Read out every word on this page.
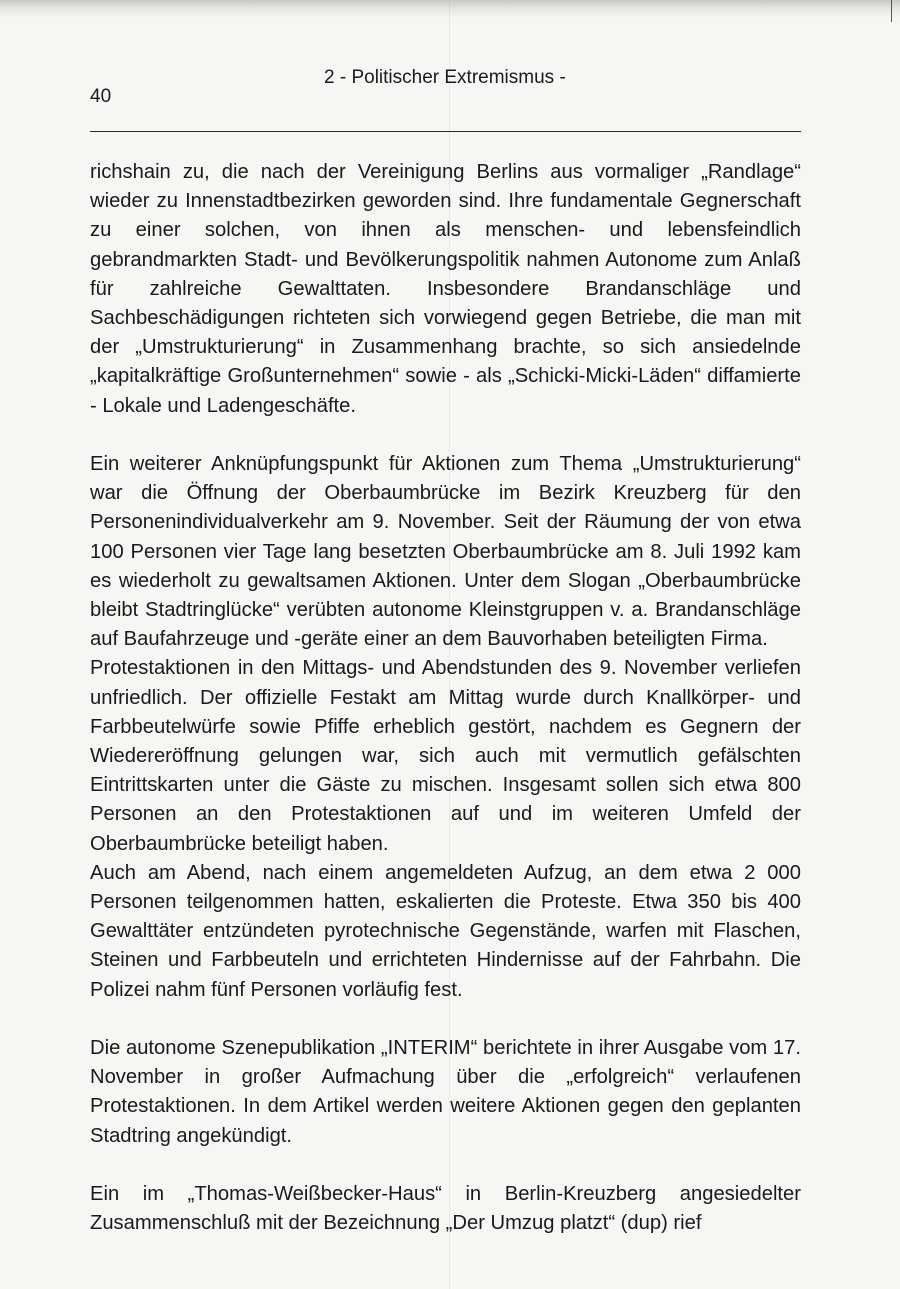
40
2 - Politischer Extremismus -

richshain zu, die nach der Vereinigung Berlins aus vormaliger „Randlage“ wieder zu Innenstadtbezirken geworden sind. Ihre fundamentale Gegnerschaft zu einer solchen, von ihnen als menschen- und lebensfeindlich gebrandmarkten Stadt- und Bevölkerungspolitik nahmen Autonome zum Anlaß für zahlreiche Gewalttaten. Insbesondere Brandanschläge und Sachbeschädigungen richteten sich vorwiegend gegen Betriebe, die man mit der „Umstrukturierung“ in Zusammenhang brachte, so sich ansiedelnde „kapitalkräftige Großunternehmen“ sowie - als „Schicki-Micki-Läden“ diffamierte - Lokale und Ladengeschäfte.

Ein weiterer Anknüpfungspunkt für Aktionen zum Thema „Umstrukturierung“ war die Öffnung der Oberbaumbrücke im Bezirk Kreuzberg für den Personenindividualverkehr am 9. November. Seit der Räumung der von etwa 100 Personen vier Tage lang besetzten Oberbaumbrücke am 8. Juli 1992 kam es wiederholt zu gewaltsamen Aktionen. Unter dem Slogan „Oberbaumbrücke bleibt Stadtringlücke“ verübten autonome Kleinstgruppen v. a. Brandanschläge auf Baufahrzeuge und -geräte einer an dem Bauvorhaben beteiligten Firma.

Protestaktionen in den Mittags- und Abendstunden des 9. November verliefen unfriedlich. Der offizielle Festakt am Mittag wurde durch Knallkörper- und Farbbeutelwürfe sowie Pfiffe erheblich gestört, nachdem es Gegnern der Wiedereröffnung gelungen war, sich auch mit vermutlich gefälschten Eintrittskarten unter die Gäste zu mischen. Insgesamt sollen sich etwa 800 Personen an den Protestaktionen auf und im weiteren Umfeld der Oberbaumbrücke beteiligt haben.

Auch am Abend, nach einem angemeldeten Aufzug, an dem etwa 2 000 Personen teilgenommen hatten, eskalierten die Proteste. Etwa 350 bis 400 Gewalttäter entzündeten pyrotechnische Gegenstände, warfen mit Flaschen, Steinen und Farbbeuteln und errichteten Hindernisse auf der Fahrbahn. Die Polizei nahm fünf Personen vorläufig fest.

Die autonome Szenepublikation „INTERIM“ berichtete in ihrer Ausgabe vom 17. November in großer Aufmachung über die „erfolgreich“ verlaufenen Protestaktionen. In dem Artikel werden weitere Aktionen gegen den geplanten Stadtring angekündigt.

Ein im „Thomas-Weißbecker-Haus“ in Berlin-Kreuzberg angesiedelter Zusammenschluß mit der Bezeichnung „Der Umzug platzt“ (dup) rief
